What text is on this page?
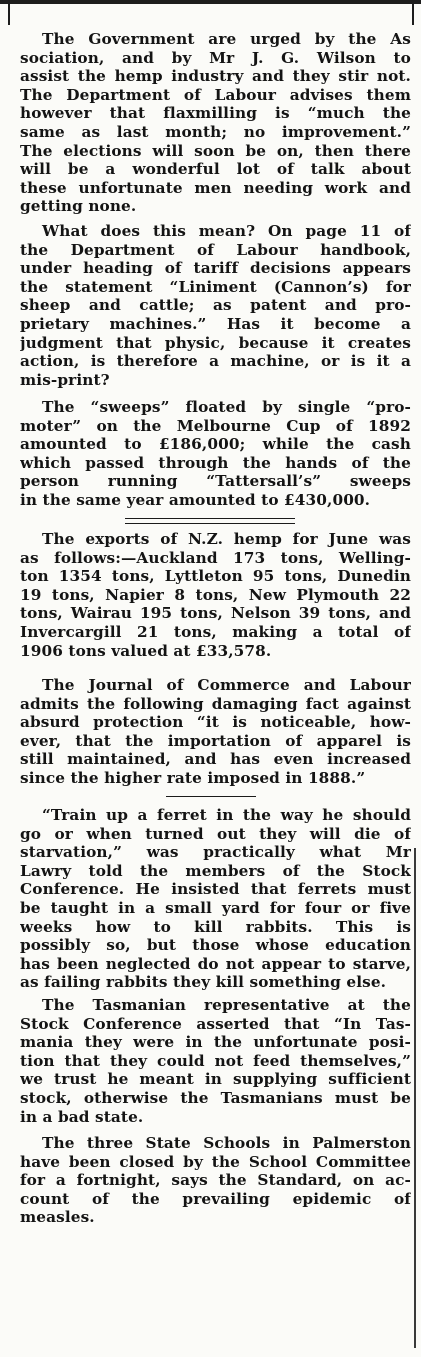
The Government are urged by the As
sociation, and by Mr J. G. Wilson to
assist the hemp industry and they stir not.
The Department of Labour advises them
however that flaxmilling is “much the
same as last month; no improvement.”
The elections will soon be on, then there
will be a wonderful lot of talk about
these unfortunate men needing work and
getting none.
What does this mean? On page 11 of
the Department of Labour handbook,
under heading of tariff decisions appears
the statement “Liniment (Cannon’s) for
sheep and cattle; as patent and pro-
prietary machines.” Has it become a
judgment that physic, because it creates
action, is therefore a machine, or is it a
mis-print?
The “sweeps” floated by single “pro-
moter” on the Melbourne Cup of 1892
amounted to £186,000; while the cash
which passed through the hands of the
person running “Tattersall’s” sweeps
in the same year amounted to £430,000.
The exports of N.Z. hemp for June was
as follows:—Auckland 173 tons, Welling-
ton 1354 tons, Lyttleton 95 tons, Dunedin
19 tons, Napier 8 tons, New Plymouth 22
tons, Wairau 195 tons, Nelson 39 tons, and
Invercargill 21 tons, making a total of
1906 tons valued at £33,578.
The Journal of Commerce and Labour
admits the following damaging fact against
absurd protection “it is noticeable, how-
ever, that the importation of apparel is
still maintained, and has even increased
since the higher rate imposed in 1888.”
“Train up a ferret in the way he should
go or when turned out they will die of
starvation,” was practically what Mr
Lawry told the members of the Stock
Conference. He insisted that ferrets must
be taught in a small yard for four or five
weeks how to kill rabbits. This is
possibly so, but those whose education
has been neglected do not appear to starve,
as failing rabbits they kill something else.
The Tasmanian representative at the
Stock Conference asserted that “In Tas-
mania they were in the unfortunate posi-
tion that they could not feed themselves,”
we trust he meant in supplying sufficient
stock, otherwise the Tasmanians must be
in a bad state.
The three State Schools in Palmerston
have been closed by the School Committee
for a fortnight, says the Standard, on ac-
count of the prevailing epidemic of
measles.
